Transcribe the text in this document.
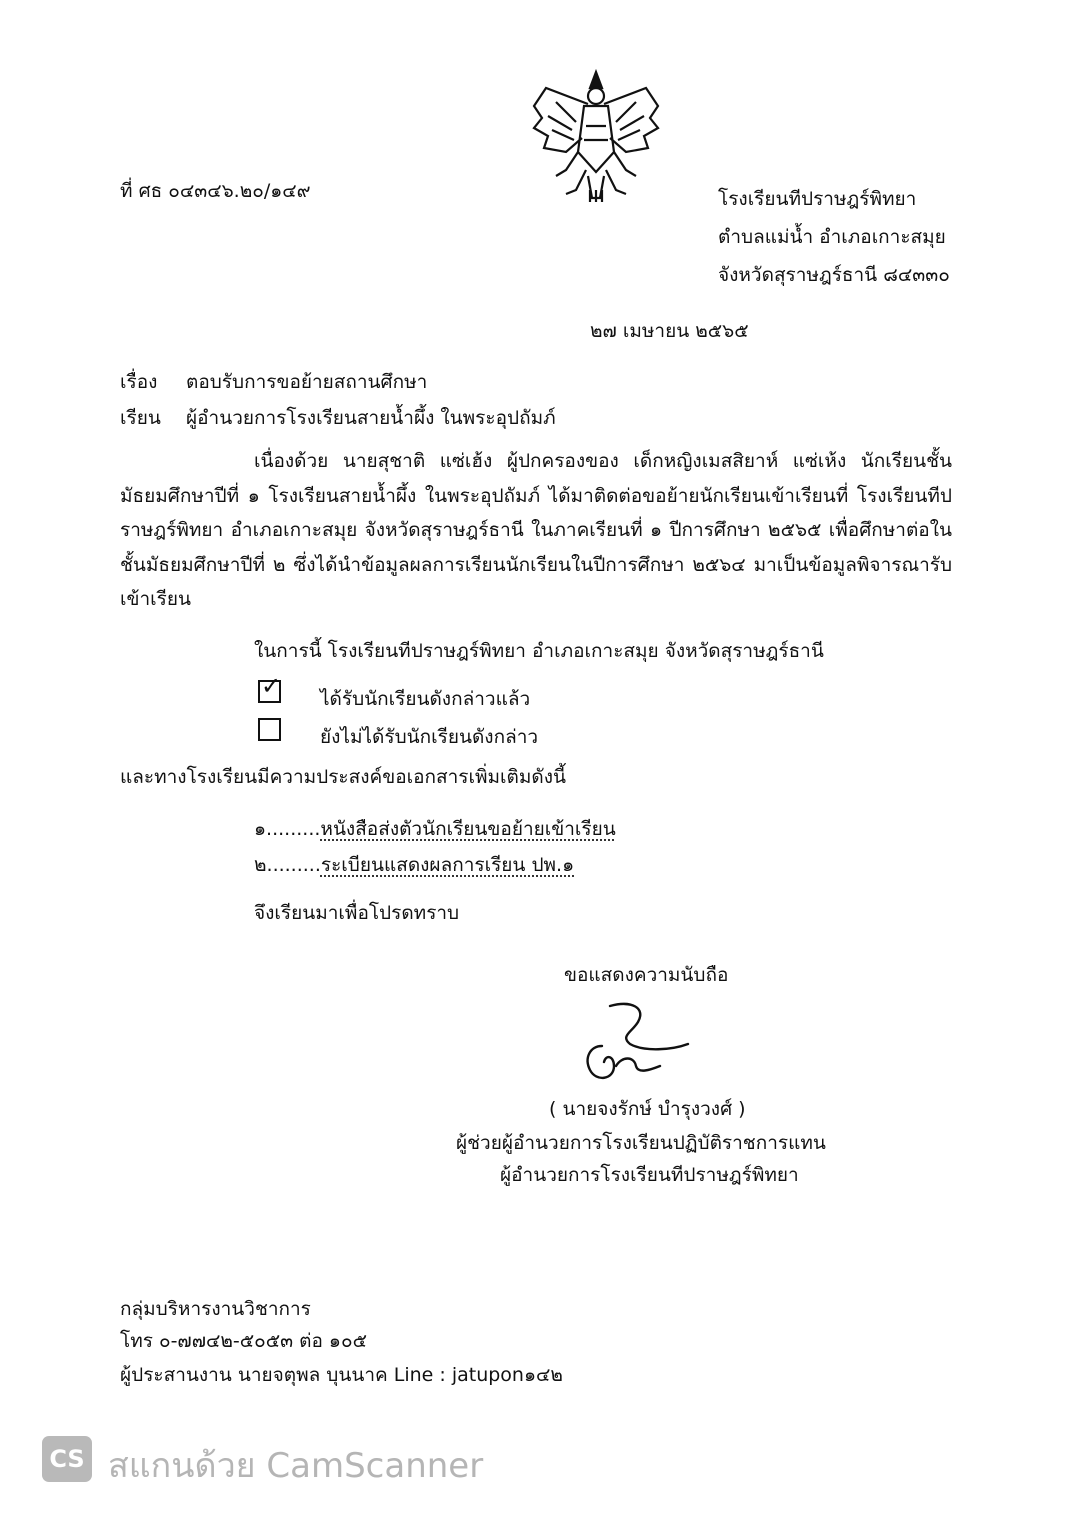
ที่ ศธ ๐๔๓๔๖.๒๐/๑๔๙	โรงเรียนทีปราษฎร์พิทยา
ตำบลแม่น้ำ อำเภอเกาะสมุย
จังหวัดสุราษฎร์ธานี ๘๔๓๓๐
๒๗ เมษายน ๒๕๖๕
เรื่อง ตอบรับการขอย้ายสถานศึกษา
เรียน ผู้อำนวยการโรงเรียนสายน้ำผึ้ง ในพระอุปถัมภ์
เนื่องด้วย นายสุชาติ แซ่เฮ้ง ผู้ปกครองของ เด็กหญิงเมสสิยาห์ แซ่เห้ง นักเรียนชั้นมัธยมศึกษาปีที่ ๑ โรงเรียนสายน้ำผึ้ง ในพระอุปถัมภ์ ได้มาติดต่อขอย้ายนักเรียนเข้าเรียนที่ โรงเรียนทีปราษฎร์พิทยา อำเภอเกาะสมุย จังหวัดสุราษฎร์ธานี ในภาคเรียนที่ ๑ ปีการศึกษา ๒๕๖๕ เพื่อศึกษาต่อในชั้นมัธยมศึกษาปีที่ ๒ ซึ่งได้นำข้อมูลผลการเรียนนักเรียนในปีการศึกษา ๒๕๖๔ มาเป็นข้อมูลพิจารณารับเข้าเรียน
ในการนี้ โรงเรียนทีปราษฎร์พิทยา อำเภอเกาะสมุย จังหวัดสุราษฎร์ธานี
✓ ได้รับนักเรียนดังกล่าวแล้ว
ยังไม่ได้รับนักเรียนดังกล่าว
และทางโรงเรียนมีความประสงค์ขอเอกสารเพิ่มเติมดังนี้
๑.........หนังสือส่งตัวนักเรียนขอย้ายเข้าเรียน
๒.........ระเบียนแสดงผลการเรียน ปพ.๑
จึงเรียนมาเพื่อโปรดทราบ
ขอแสดงความนับถือ
( นายจงรักษ์ บำรุงวงศ์ )
ผู้ช่วยผู้อำนวยการโรงเรียนปฏิบัติราชการแทน
ผู้อำนวยการโรงเรียนทีปราษฎร์พิทยา
กลุ่มบริหารงานวิชาการ
โทร ๐-๗๗๔๒-๕๐๕๓ ต่อ ๑๐๕
ผู้ประสานงาน นายจตุพล บุนนาค Line : jatupon๑๔๒
CS สแกนด้วย CamScanner
